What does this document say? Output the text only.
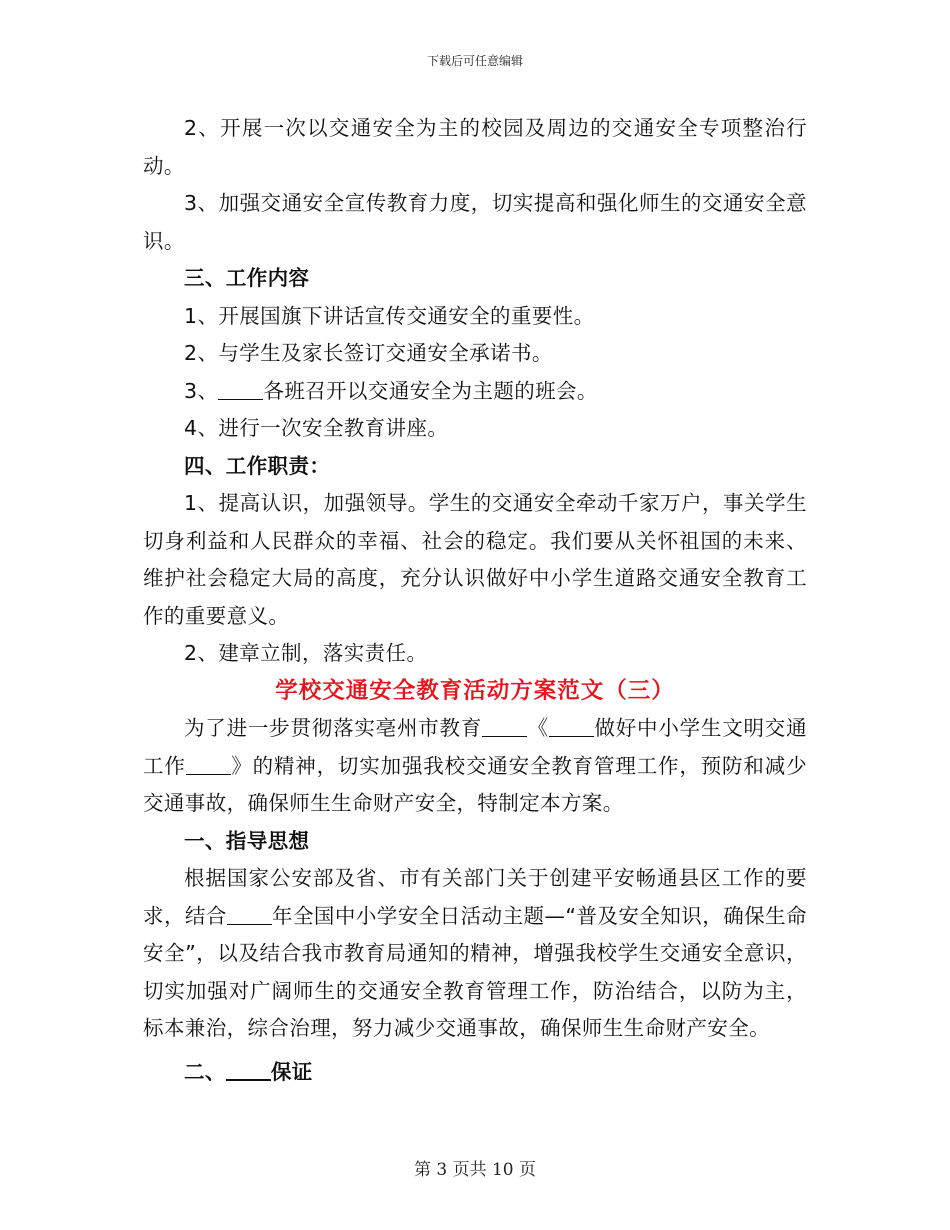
下载后可任意编辑

2、开展一次以交通安全为主的校园及周边的交通安全专项整治行动。

3、加强交通安全宣传教育力度，切实提高和强化师生的交通安全意识。

三、工作内容

1、开展国旗下讲话宣传交通安全的重要性。

2、与学生及家长签订交通安全承诺书。

3、 各班召开以交通安全为主题的班会。

4、进行一次安全教育讲座。

四、工作职责：

1、提高认识，加强领导。学生的交通安全牵动千家万户，事关学生切身利益和人民群众的幸福、社会的稳定。我们要从关怀祖国的未来、维护社会稳定大局的高度，充分认识做好中小学生道路交通安全教育工作的重要意义。

2、建章立制，落实责任。

学校交通安全教育活动方案范文（三）

为了进一步贯彻落实亳州市教育 《 做好中小学生文明交通工作 》的精神，切实加强我校交通安全教育管理工作，预防和减少交通事故，确保师生生命财产安全，特制定本方案。

一、指导思想

根据国家公安部及省、市有关部门关于创建平安畅通县区工作的要求，结合 年全国中小学安全日活动主题—“普及安全知识，确保生命安全”，以及结合我市教育局通知的精神，增强我校学生交通安全意识，切实加强对广阔师生的交通安全教育管理工作，防治结合，以防为主，标本兼治，综合治理，努力减少交通事故，确保师生生命财产安全。

二、 保证

第 3 页共 10 页
